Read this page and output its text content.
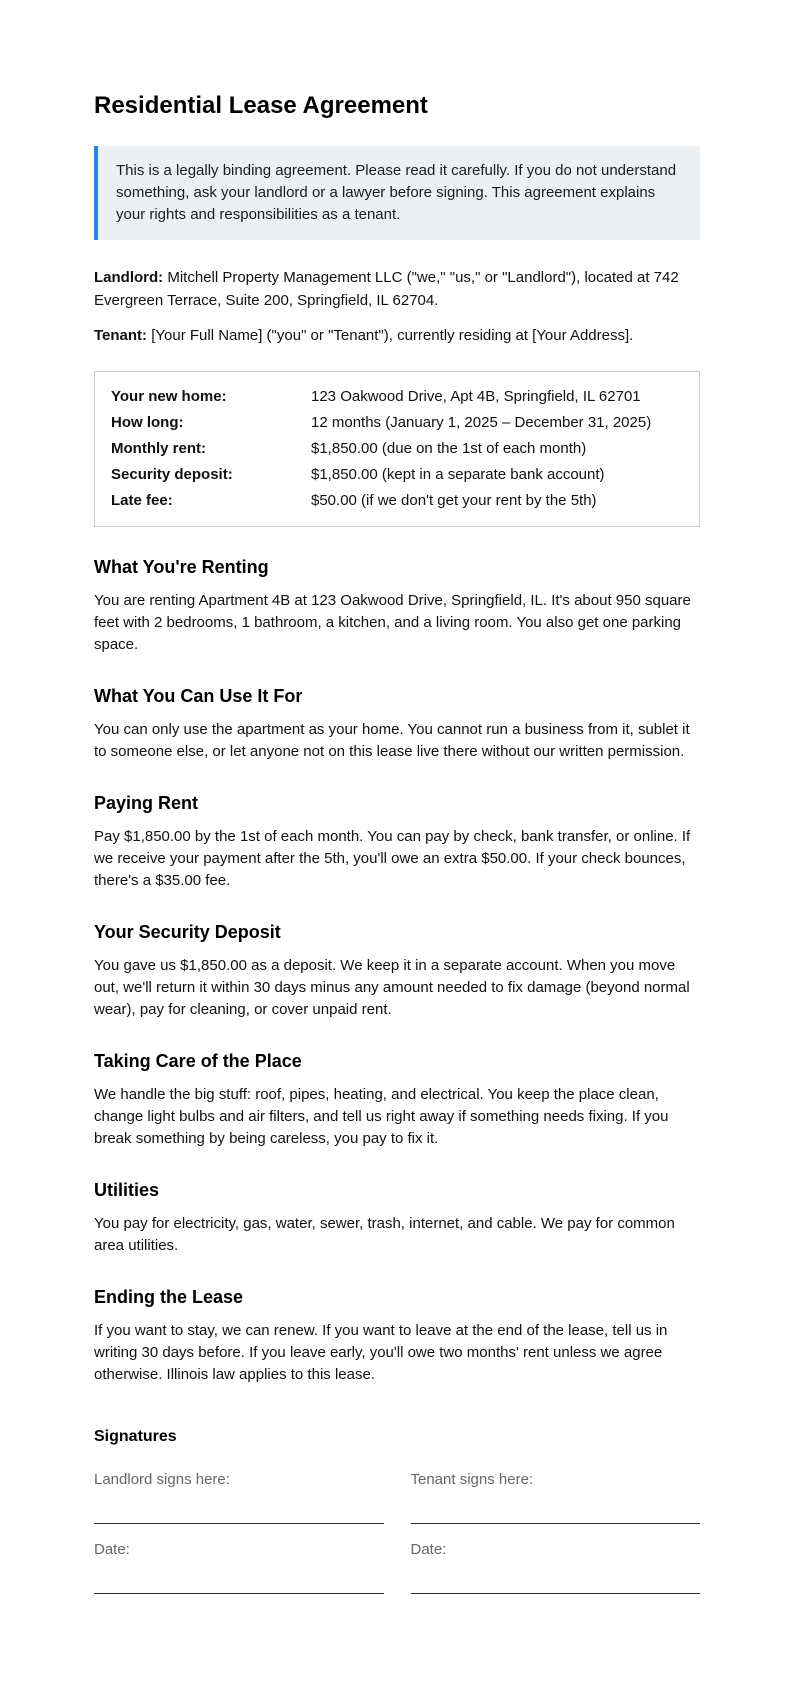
Residential Lease Agreement

This is a legally binding agreement. Please read it carefully. If you do not understand something, ask your landlord or a lawyer before signing. This agreement explains your rights and responsibilities as a tenant.

Landlord: Mitchell Property Management LLC ("we," "us," or "Landlord"), located at 742 Evergreen Terrace, Suite 200, Springfield, IL 62704.

Tenant: [Your Full Name] ("you" or "Tenant"), currently residing at [Your Address].

Your new home:	123 Oakwood Drive, Apt 4B, Springfield, IL 62701
How long:	12 months (January 1, 2025 – December 31, 2025)
Monthly rent:	$1,850.00 (due on the 1st of each month)
Security deposit:	$1,850.00 (kept in a separate bank account)
Late fee:	$50.00 (if we don't get your rent by the 5th)
What You're Renting

You are renting Apartment 4B at 123 Oakwood Drive, Springfield, IL. It's about 950 square feet with 2 bedrooms, 1 bathroom, a kitchen, and a living room. You also get one parking space.

What You Can Use It For

You can only use the apartment as your home. You cannot run a business from it, sublet it to someone else, or let anyone not on this lease live there without our written permission.

Paying Rent

Pay $1,850.00 by the 1st of each month. You can pay by check, bank transfer, or online. If we receive your payment after the 5th, you'll owe an extra $50.00. If your check bounces, there's a $35.00 fee.

Your Security Deposit

You gave us $1,850.00 as a deposit. We keep it in a separate account. When you move out, we'll return it within 30 days minus any amount needed to fix damage (beyond normal wear), pay for cleaning, or cover unpaid rent.

Taking Care of the Place

We handle the big stuff: roof, pipes, heating, and electrical. You keep the place clean, change light bulbs and air filters, and tell us right away if something needs fixing. If you break something by being careless, you pay to fix it.

Utilities

You pay for electricity, gas, water, sewer, trash, internet, and cable. We pay for common area utilities.

Ending the Lease

If you want to stay, we can renew. If you want to leave at the end of the lease, tell us in writing 30 days before. If you leave early, you'll owe two months' rent unless we agree otherwise. Illinois law applies to this lease.

Signatures
Landlord signs here:
Date:
Tenant signs here:
Date:
